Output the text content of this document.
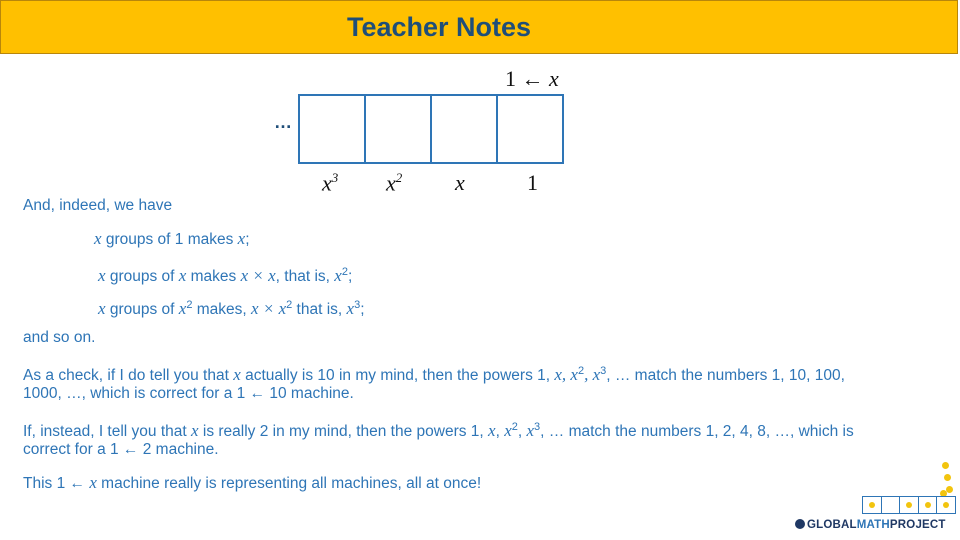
Teacher Notes
1 ← x
…
$x^3$ $x^2$ x	1
And, indeed, we have
x groups of 1 makes x;
x groups of x makes x × x, that is, $x^2$;
x groups of $x^2$ makes, $x \times x^2$ that is, $x^3$;
and so on.
As a check, if I do tell you that x actually is 10 in my mind, then the powers 1, x, $x^2$, $x^3$, … match the numbers 1, 10, 100,
1000, …, which is correct for a 1 ← 10 machine.
If, instead, I tell you that x is really 2 in my mind, then the powers 1, x, $x^2$, $x^3$, … match the numbers 1, 2, 4, 8, …, which is
correct for a 1 ← 2 machine.
This 1 ← x machine really is representing all machines, all at once!
GLOBALMATHPROJECT
